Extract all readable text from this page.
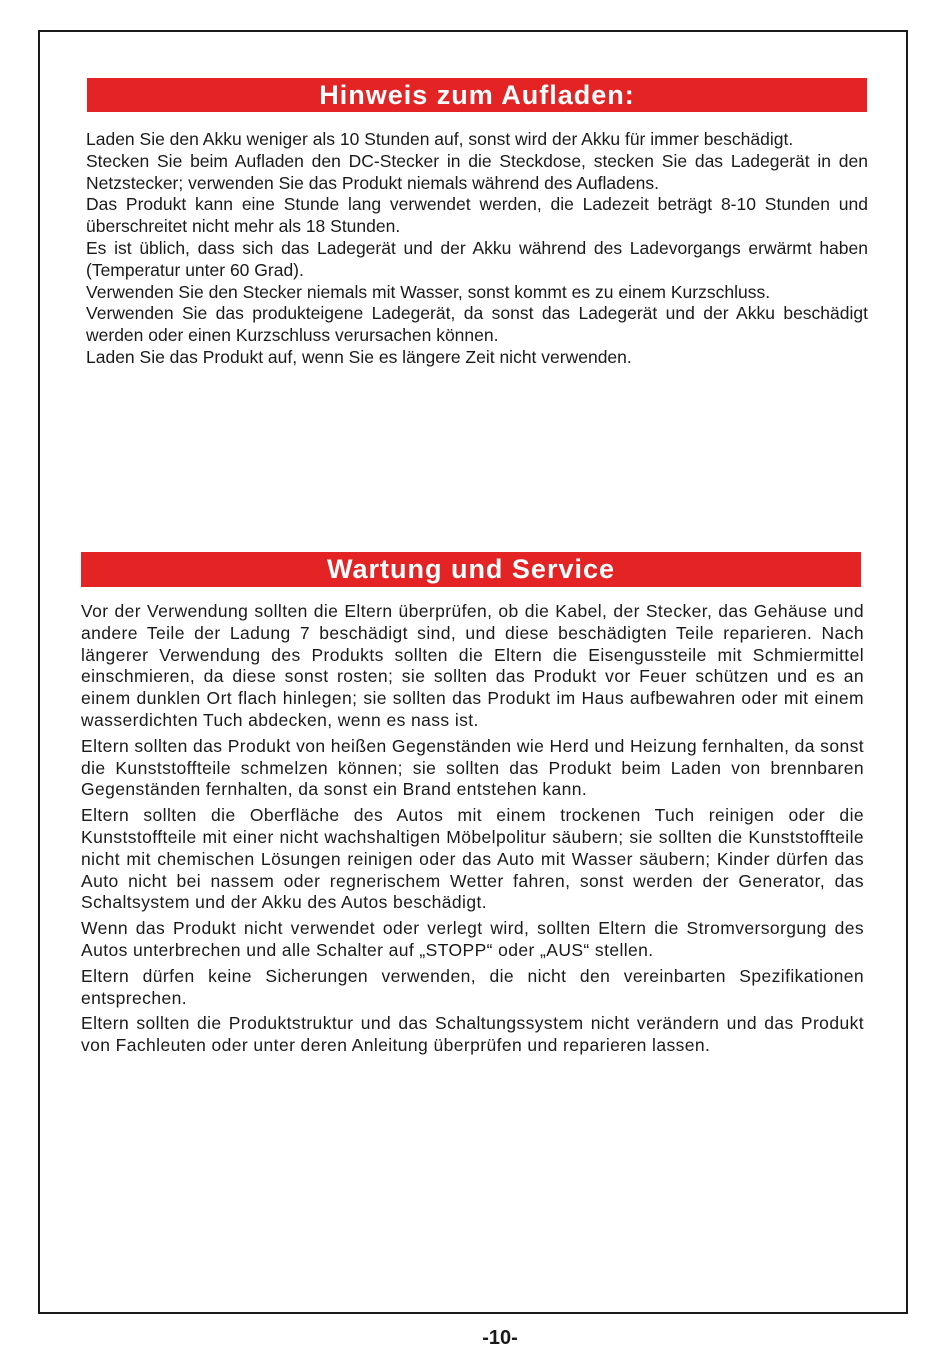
Hinweis zum Aufladen:

Laden Sie den Akku weniger als 10 Stunden auf, sonst wird der Akku für immer beschädigt.

Stecken Sie beim Aufladen den DC-Stecker in die Steckdose, stecken Sie das Ladegerät in den Netzstecker; verwenden Sie das Produkt niemals während des Aufladens.

Das Produkt kann eine Stunde lang verwendet werden, die Ladezeit beträgt 8-10 Stunden und überschreitet nicht mehr als 18 Stunden.

Es ist üblich, dass sich das Ladegerät und der Akku während des Ladevorgangs erwärmt haben (Temperatur unter 60 Grad).

Verwenden Sie den Stecker niemals mit Wasser, sonst kommt es zu einem Kurzschluss.

Verwenden Sie das produkteigene Ladegerät, da sonst das Ladegerät und der Akku beschädigt werden oder einen Kurzschluss verursachen können.

Laden Sie das Produkt auf, wenn Sie es längere Zeit nicht verwenden.

Wartung und Service

Vor der Verwendung sollten die Eltern überprüfen, ob die Kabel, der Stecker, das Gehäuse und andere Teile der Ladung 7 beschädigt sind, und diese beschädigten Teile reparieren. Nach längerer Verwendung des Produkts sollten die Eltern die Eisengussteile mit Schmiermittel einschmieren, da diese sonst rosten; sie sollten das Produkt vor Feuer schützen und es an einem dunklen Ort flach hinlegen; sie sollten das Produkt im Haus aufbewahren oder mit einem wasserdichten Tuch abdecken, wenn es nass ist.

Eltern sollten das Produkt von heißen Gegenständen wie Herd und Heizung fernhalten, da sonst die Kunststoffteile schmelzen können; sie sollten das Produkt beim Laden von brennbaren Gegenständen fernhalten, da sonst ein Brand entstehen kann.

Eltern sollten die Oberfläche des Autos mit einem trockenen Tuch reinigen oder die Kunststoffteile mit einer nicht wachshaltigen Möbelpolitur säubern; sie sollten die Kunststoffteile nicht mit chemischen Lösungen reinigen oder das Auto mit Wasser säubern; Kinder dürfen das Auto nicht bei nassem oder regnerischem Wetter fahren, sonst werden der Generator, das Schaltsystem und der Akku des Autos beschädigt.

Wenn das Produkt nicht verwendet oder verlegt wird, sollten Eltern die Stromversorgung des Autos unterbrechen und alle Schalter auf „STOPP“ oder „AUS“ stellen.

Eltern dürfen keine Sicherungen verwenden, die nicht den vereinbarten Spezifikationen entsprechen.

Eltern sollten die Produktstruktur und das Schaltungssystem nicht verändern und das Produkt von Fachleuten oder unter deren Anleitung überprüfen und reparieren lassen.

-10-
